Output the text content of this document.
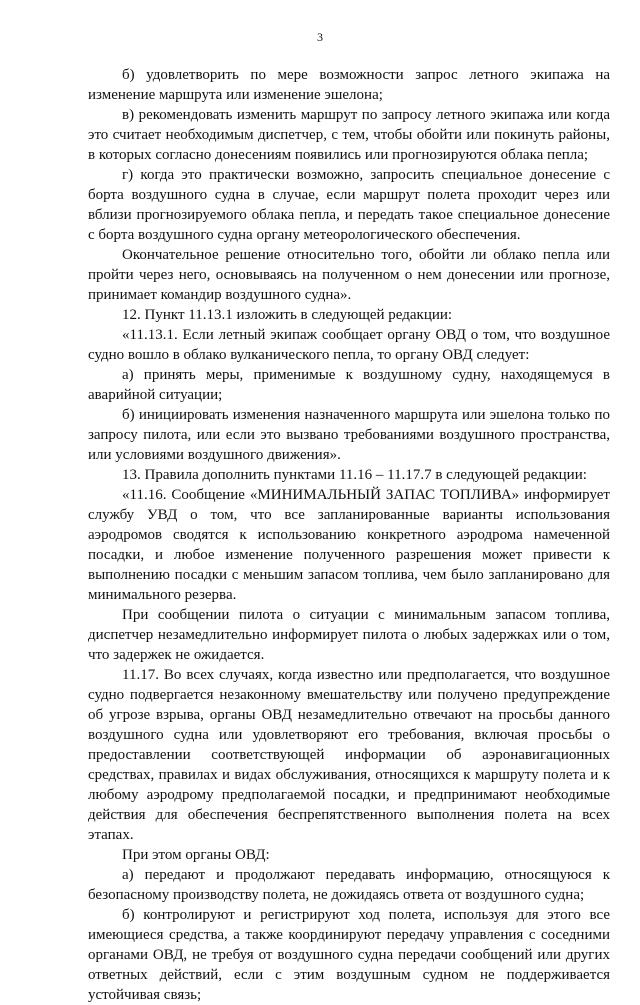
3

б) удовлетворить по мере возможности запрос летного экипажа на изменение маршрута или изменение эшелона;

в) рекомендовать изменить маршрут по запросу летного экипажа или когда это считает необходимым диспетчер, с тем, чтобы обойти или покинуть районы, в которых согласно донесениям появились или прогнозируются облака пепла;

г) когда это практически возможно, запросить специальное донесение с борта воздушного судна в случае, если маршрут полета проходит через или вблизи прогнозируемого облака пепла, и передать такое специальное донесение с борта воздушного судна органу метеорологического обеспечения.

Окончательное решение относительно того, обойти ли облако пепла или пройти через него, основываясь на полученном о нем донесении или прогнозе, принимает командир воздушного судна».

12. Пункт 11.13.1 изложить в следующей редакции:

«11.13.1. Если летный экипаж сообщает органу ОВД о том, что воздушное судно вошло в облако вулканического пепла, то органу ОВД следует:

а) принять меры, применимые к воздушному судну, находящемуся в аварийной ситуации;

б) инициировать изменения назначенного маршрута или эшелона только по запросу пилота, или если это вызвано требованиями воздушного пространства, или условиями воздушного движения».

13. Правила дополнить пунктами 11.16 – 11.17.7 в следующей редакции:

«11.16. Сообщение «МИНИМАЛЬНЫЙ ЗАПАС ТОПЛИВА» информирует службу УВД о том, что все запланированные варианты использования аэродромов сводятся к использованию конкретного аэродрома намеченной посадки, и любое изменение полученного разрешения может привести к выполнению посадки с меньшим запасом топлива, чем было запланировано для минимального резерва.

При сообщении пилота о ситуации с минимальным запасом топлива, диспетчер незамедлительно информирует пилота о любых задержках или о том, что задержек не ожидается.

11.17. Во всех случаях, когда известно или предполагается, что воздушное судно подвергается незаконному вмешательству или получено предупреждение об угрозе взрыва, органы ОВД незамедлительно отвечают на просьбы данного воздушного судна или удовлетворяют его требования, включая просьбы о предоставлении соответствующей информации об аэронавигационных средствах, правилах и видах обслуживания, относящихся к маршруту полета и к любому аэродрому предполагаемой посадки, и предпринимают необходимые действия для обеспечения беспрепятственного выполнения полета на всех этапах.

При этом органы ОВД:

а) передают и продолжают передавать информацию, относящуюся к безопасному производству полета, не дожидаясь ответа от воздушного судна;

б) контролируют и регистрируют ход полета, используя для этого все имеющиеся средства, а также координируют передачу управления с соседними органами ОВД, не требуя от воздушного судна передачи сообщений или других ответных действий, если с этим воздушным судном не поддерживается устойчивая связь;
